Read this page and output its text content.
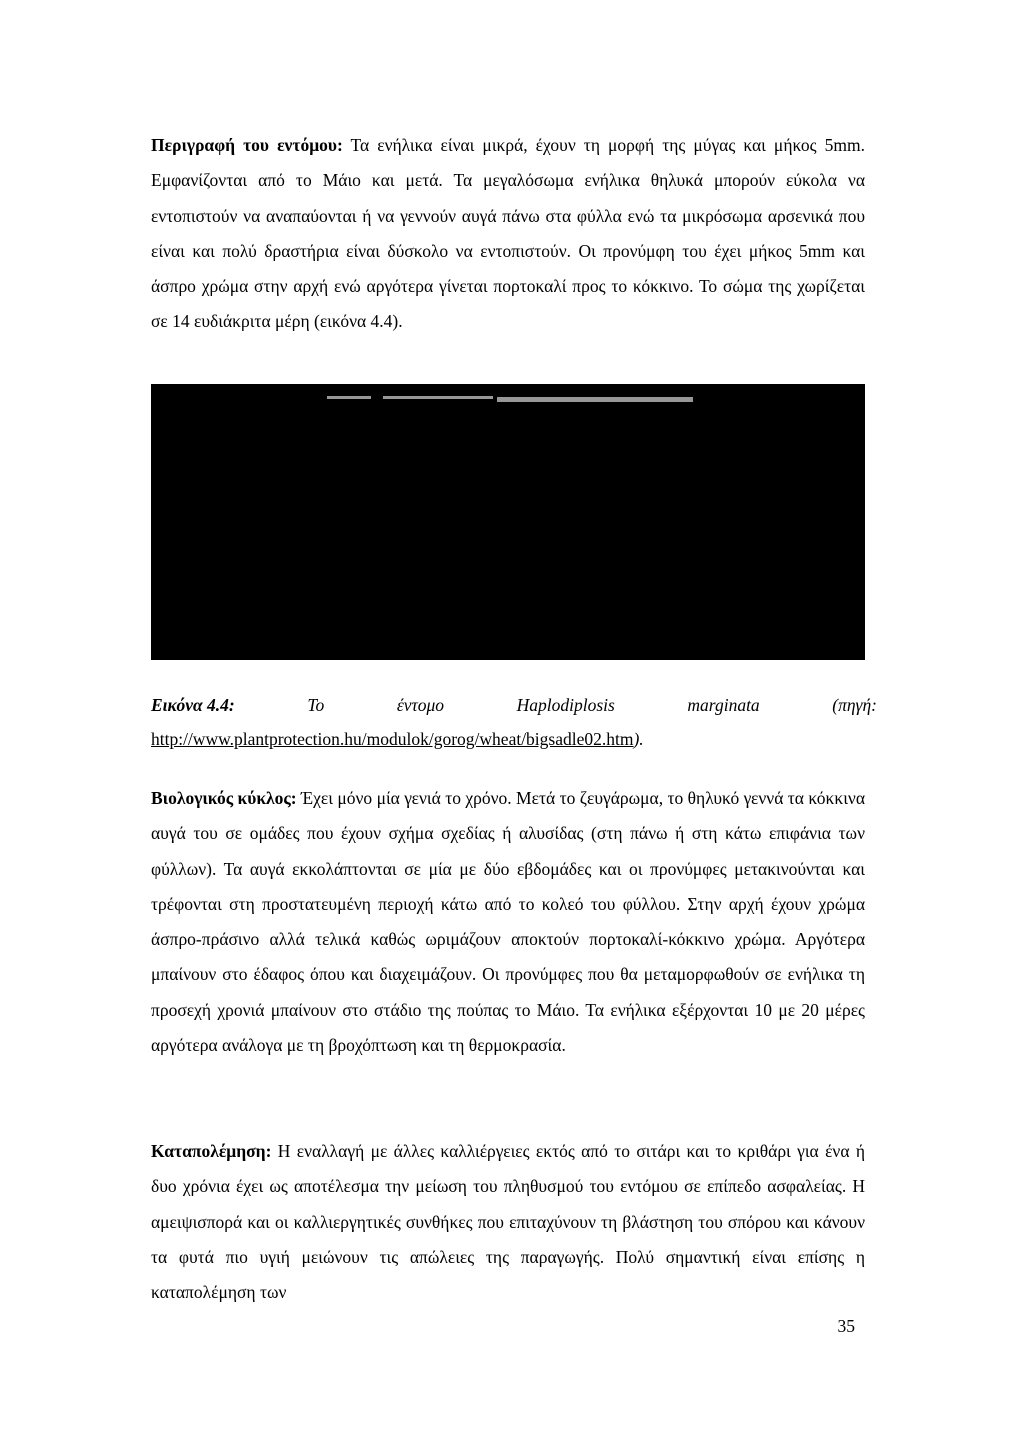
Περιγραφή του εντόμου: Τα ενήλικα είναι μικρά, έχουν τη μορφή της μύγας και μήκος 5mm. Εμφανίζονται από το Μάιο και μετά. Τα μεγαλόσωμα ενήλικα θηλυκά μπορούν εύκολα να εντοπιστούν να αναπαύονται ή να γεννούν αυγά πάνω στα φύλλα ενώ τα μικρόσωμα αρσενικά που είναι και πολύ δραστήρια είναι δύσκολο να εντοπιστούν. Οι προνύμφη του έχει μήκος 5mm και άσπρο χρώμα στην αρχή ενώ αργότερα γίνεται πορτοκαλί προς το κόκκινο. Το σώμα της χωρίζεται σε 14 ευδιάκριτα μέρη (εικόνα 4.4).

Εικόνα 4.4:	Το	έντομο	Haplodiplosis	marginata	(πηγή:
http://www.plantprotection.hu/modulok/gorog/wheat/bigsadle02.htm).

Βιολογικός κύκλος: Έχει μόνο μία γενιά το χρόνο. Μετά το ζευγάρωμα, το θηλυκό γεννά τα κόκκινα αυγά του σε ομάδες που έχουν σχήμα σχεδίας ή αλυσίδας (στη πάνω ή στη κάτω επιφάνια των φύλλων). Τα αυγά εκκολάπτονται σε μία με δύο εβδομάδες και οι προνύμφες μετακινούνται και τρέφονται στη προστατευμένη περιοχή κάτω από το κολεό του φύλλου. Στην αρχή έχουν χρώμα άσπρο-πράσινο αλλά τελικά καθώς ωριμάζουν αποκτούν πορτοκαλί-κόκκινο χρώμα. Αργότερα μπαίνουν στο έδαφος όπου και διαχειμάζουν. Οι προνύμφες που θα μεταμορφωθούν σε ενήλικα τη προσεχή χρονιά μπαίνουν στο στάδιο της πούπας το Μάιο. Τα ενήλικα εξέρχονται 10 με 20 μέρες αργότερα ανάλογα με τη βροχόπτωση και τη θερμοκρασία.

Καταπολέμηση: Η εναλλαγή με άλλες καλλιέργειες εκτός από το σιτάρι και το κριθάρι για ένα ή δυο χρόνια έχει ως αποτέλεσμα την μείωση του πληθυσμού του εντόμου σε επίπεδο ασφαλείας. Η αμειψισπορά και οι καλλιεργητικές συνθήκες που επιταχύνουν τη βλάστηση του σπόρου και κάνουν τα φυτά πιο υγιή μειώνουν τις απώλειες της παραγωγής. Πολύ σημαντική είναι επίσης η καταπολέμηση των

35
